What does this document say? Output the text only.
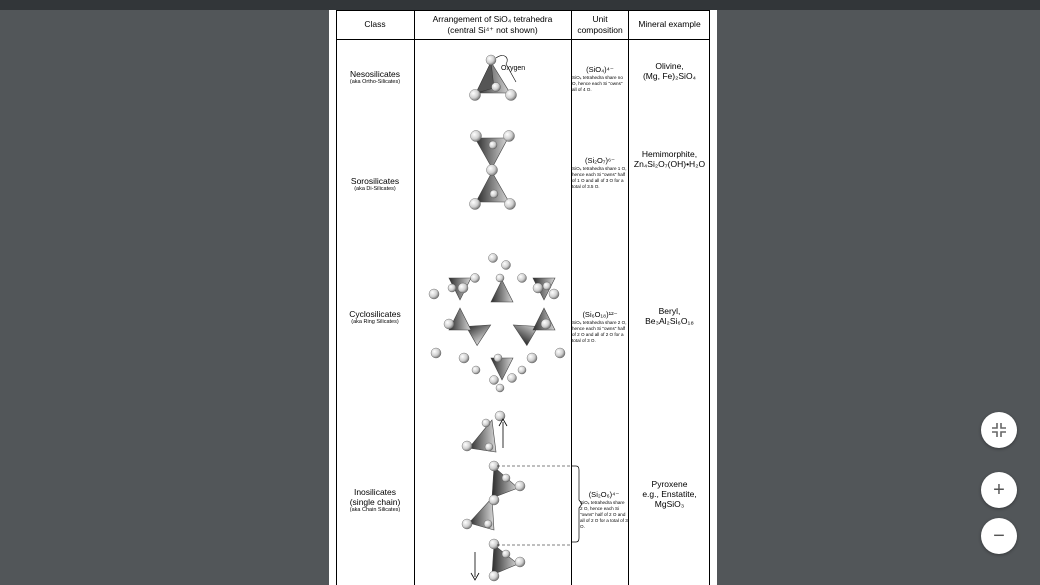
Class
Arrangement of SiO₄ tetrahedra
(central Si⁴⁺ not shown)
Unit
composition
Mineral example
Nesosilicates
(aka Ortho-Silicates)
(SiO₄)⁴⁻
SiO₄ tetrahedra share no O, hence each Si "owns" all of 4 O.
Olivine,
(Mg, Fe)₂SiO₄
Sorosilicates
(aka Di-Silicates)
(Si₂O₇)⁶⁻
SiO₄ tetrahedra share 1 O, hence each Si "owns" half of 1 O and all of 3 O for a total of 3.5 O.
Hemimorphite,
Zn₄Si₂O₇(OH)•H₂O
Cyclosilicates
(aka Ring Silicates)
(Si₆O₁₈)¹²⁻
SiO₄ tetrahedra share 2 O, hence each Si "owns" half of 2 O and all of 2 O for a total of 3 O.
Beryl,
Be₃Al₂Si₆O₁₈
Inosilicates
(single chain)
(aka Chain Silicates)
(Si₂O₆)⁴⁻
SiO₄ tetrahedra share 2 O, hence each Si "owns" half of 2 O and all of 2 O for a total of 3 O.
Pyroxene
e.g., Enstatite,
MgSiO₃
Oxygen
+
−
